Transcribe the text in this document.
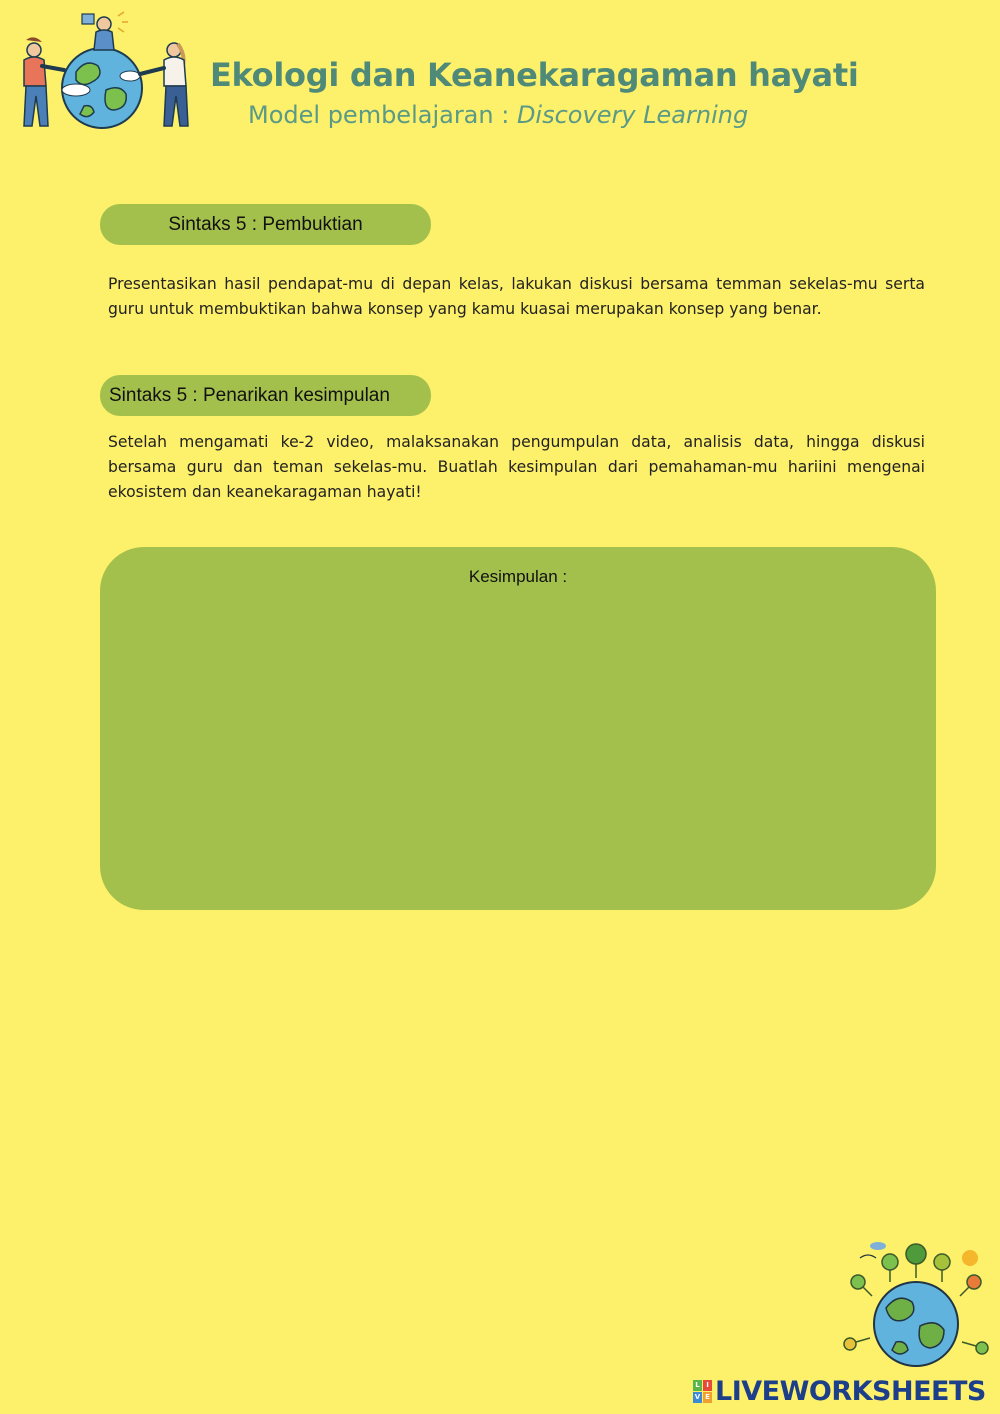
Ekologi dan Keanekaragaman hayati
Model pembelajaran : Discovery Learning
Sintaks 5 : Pembuktian
Presentasikan hasil pendapat-mu di depan kelas, lakukan diskusi bersama temman sekelas-mu serta guru untuk membuktikan bahwa konsep yang kamu kuasai merupakan konsep yang benar.
Sintaks 5 : Penarikan kesimpulan
Setelah mengamati ke-2 video, malaksanakan pengumpulan data, analisis data, hingga diskusi bersama guru dan teman sekelas-mu. Buatlah kesimpulan dari pemahaman-mu hariini mengenai ekosistem dan keanekaragaman hayati!
Kesimpulan :
L I
V E LIVEWORKSHEETS
